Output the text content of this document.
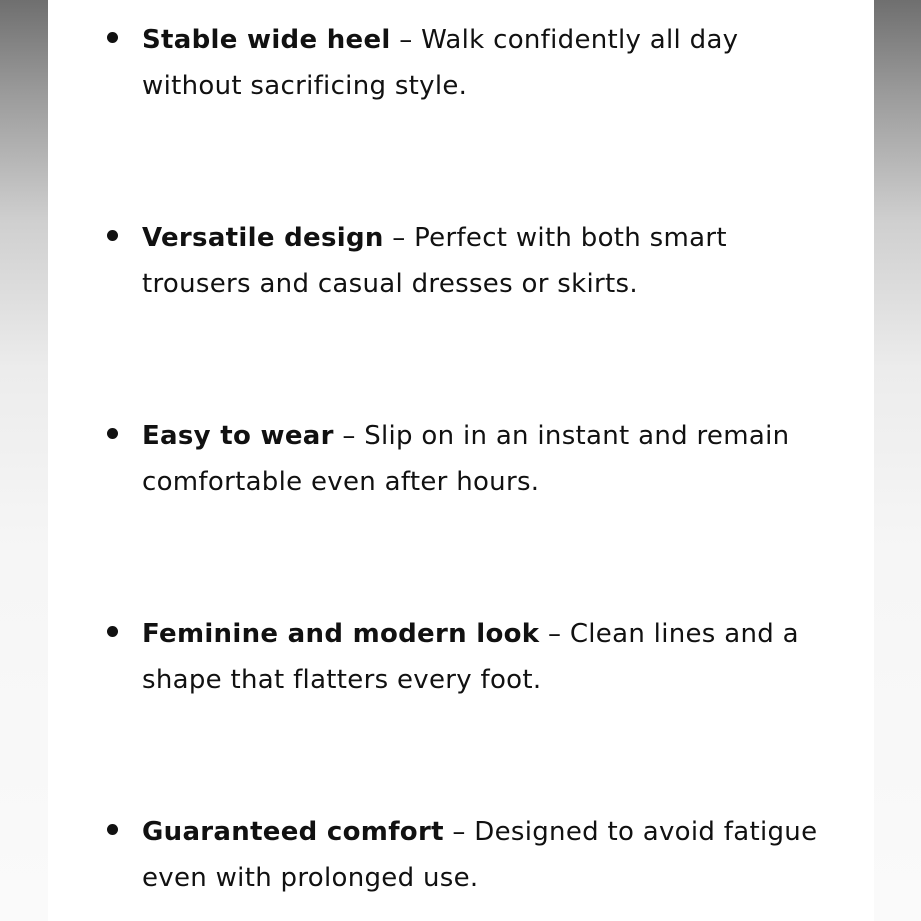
Stable wide heel – Walk confidently all day without sacrificing style.
Versatile design – Perfect with both smart trousers and casual dresses or skirts.
Easy to wear – Slip on in an instant and remain comfortable even after hours.
Feminine and modern look – Clean lines and a shape that flatters every foot.
Guaranteed comfort – Designed to avoid fatigue even with prolonged use.
